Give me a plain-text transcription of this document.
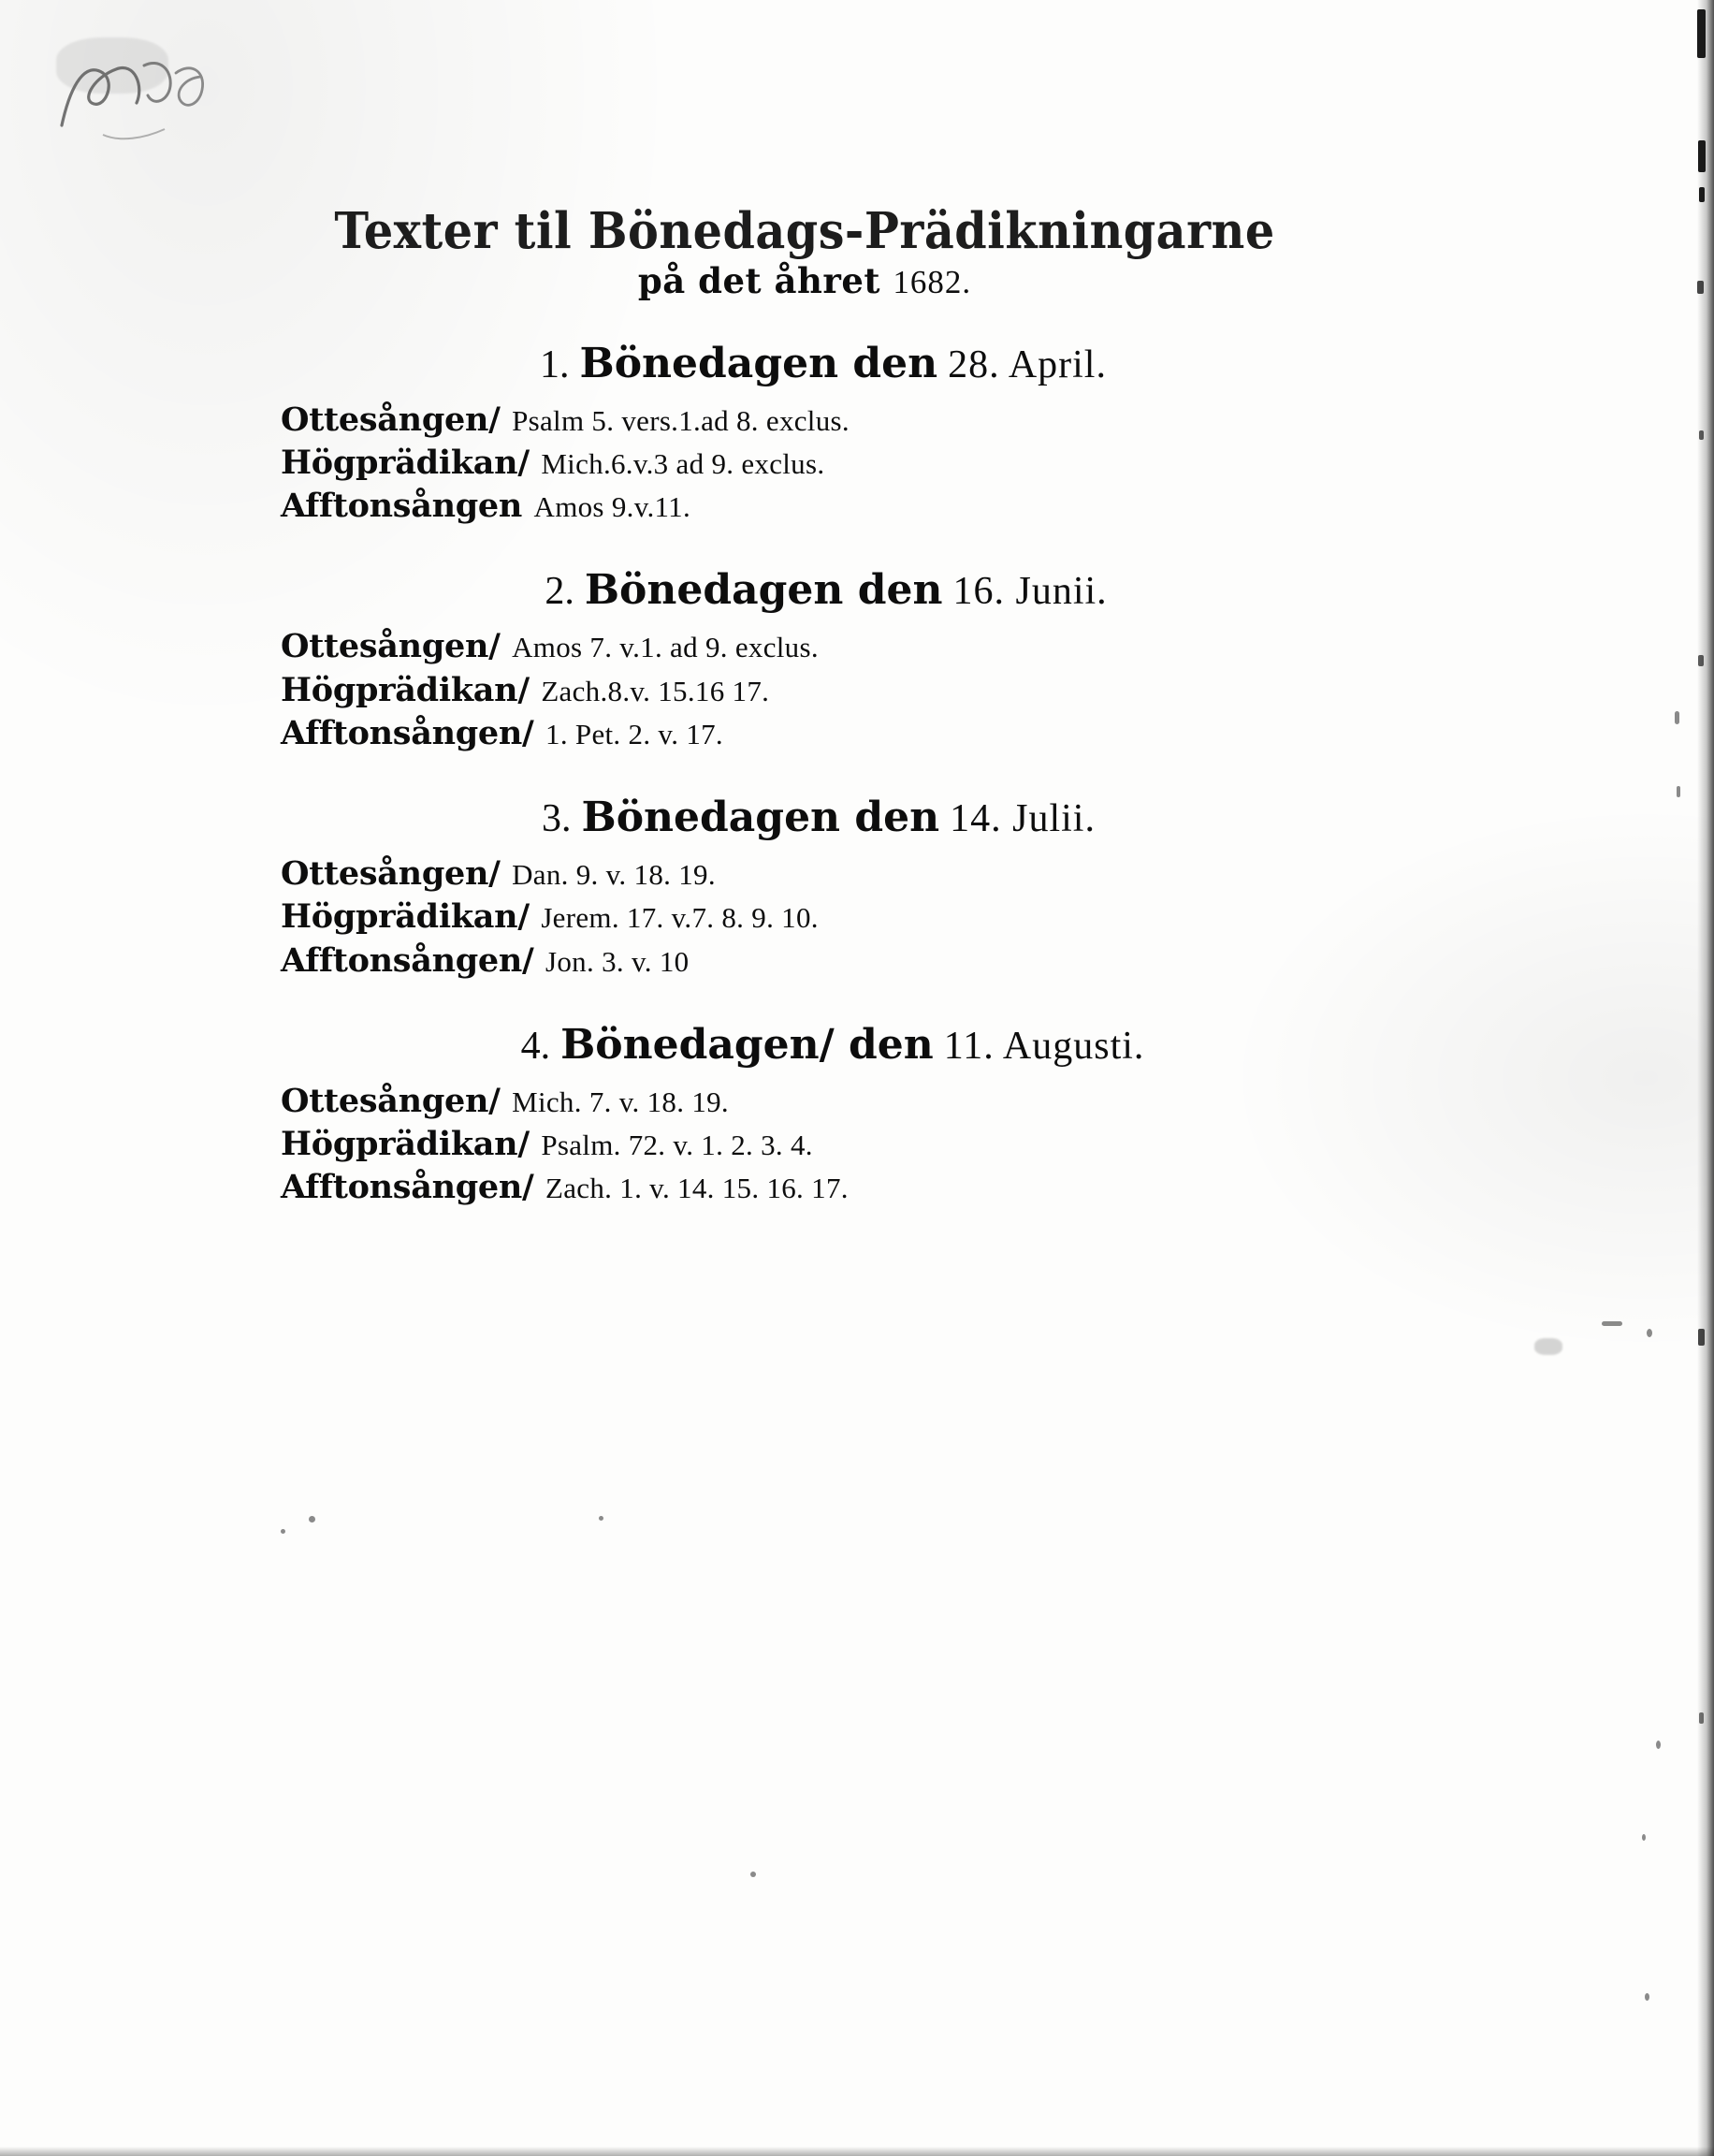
Texter til Bönedags-Prädikningarne
på det åhret 1682.
1. Bönedagen den 28. April.
Ottesången/ Psalm 5. vers.1.ad 8. exclus.
Högprädikan/ Mich.6.v.3 ad 9. exclus.
Afftonsången Amos 9.v.11.
2. Bönedagen den 16. Junii.
Ottesången/ Amos 7. v.1. ad 9. exclus.
Högprädikan/ Zach.8.v. 15.16 17.
Afftonsången/ 1. Pet. 2. v. 17.
3. Bönedagen den 14. Julii.
Ottesången/ Dan. 9. v. 18. 19.
Högprädikan/ Jerem. 17. v.7. 8. 9. 10.
Afftonsången/ Jon. 3. v. 10
4. Bönedagen/ den 11. Augusti.
Ottesången/ Mich. 7. v. 18. 19.
Högprädikan/ Psalm. 72. v. 1. 2. 3. 4.
Afftonsången/ Zach. 1. v. 14. 15. 16. 17.
